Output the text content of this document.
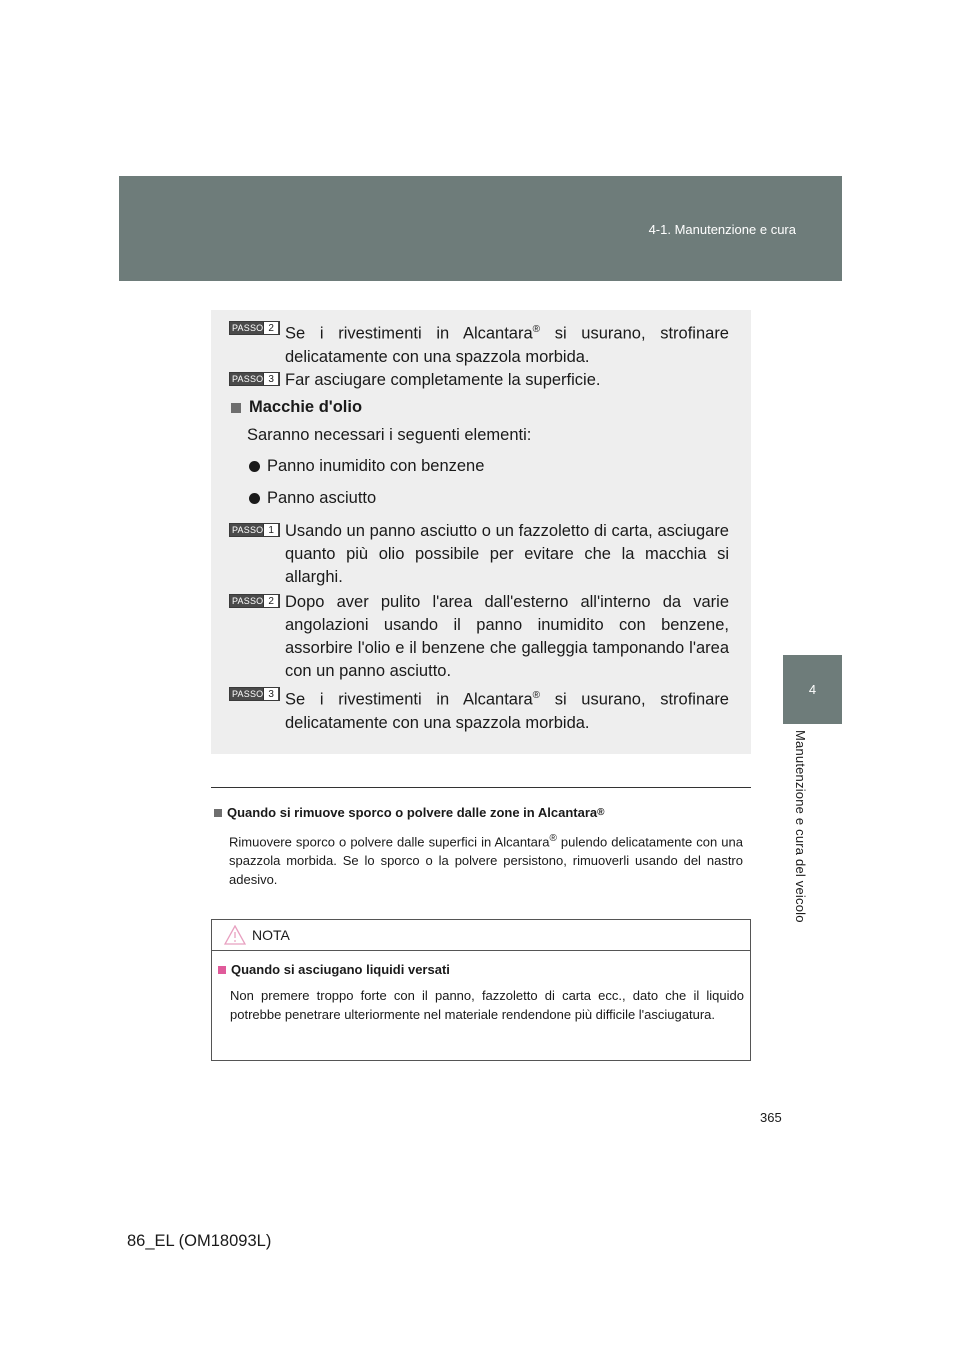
4-1. Manutenzione e cura
4
Manutenzione e cura del veicolo
PASSO 2 Se i rivestimenti in Alcantara® si usurano, strofinare delicatamente con una spazzola morbida.
PASSO 3 Far asciugare completamente la superficie.
Macchie d'olio
Saranno necessari i seguenti elementi:
Panno inumidito con benzene
Panno asciutto
PASSO 1 Usando un panno asciutto o un fazzoletto di carta, asciugare quanto più olio possibile per evitare che la macchia si allarghi.
PASSO 2 Dopo aver pulito l'area dall'esterno all'interno da varie angolazioni usando il panno inumidito con benzene, assorbire l'olio e il benzene che galleggia tamponando l'area con un panno asciutto.
PASSO 3 Se i rivestimenti in Alcantara® si usurano, strofinare delicatamente con una spazzola morbida.
Quando si rimuove sporco o polvere dalle zone in Alcantara ®
Rimuovere sporco o polvere dalle superfici in Alcantara® pulendo delicatamente con una spazzola morbida. Se lo sporco o la polvere persistono, rimuoverli usando del nastro adesivo.
NOTA
Quando si asciugano liquidi versati
Non premere troppo forte con il panno, fazzoletto di carta ecc., dato che il liquido potrebbe penetrare ulteriormente nel materiale rendendone più difficile l'asciugatura.
365
86_EL (OM18093L)
